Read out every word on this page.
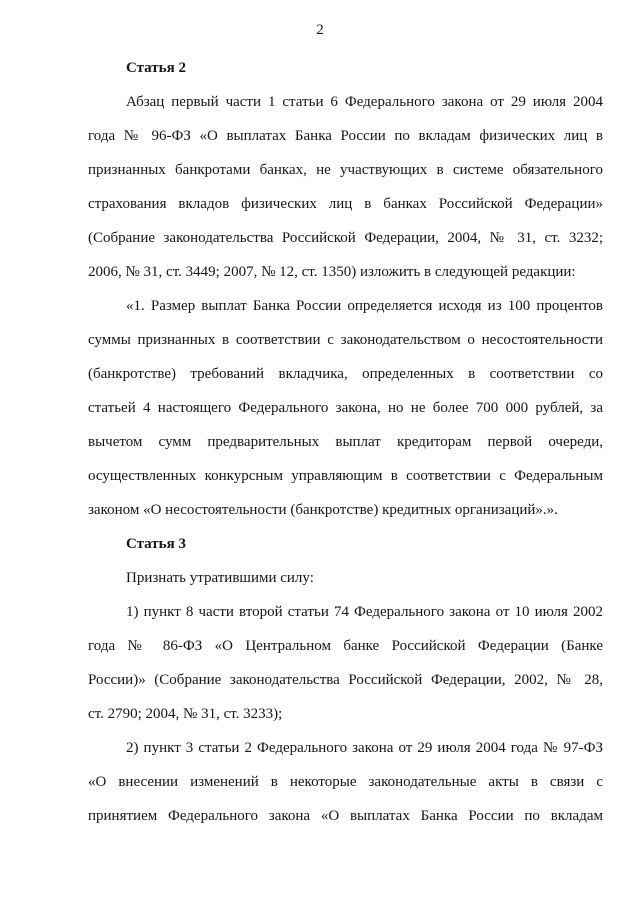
2
Статья 2
Абзац первый части 1 статьи 6 Федерального закона от 29 июля 2004
года № 96-ФЗ «О выплатах Банка России по вкладам физических лиц в
признанных банкротами банках, не участвующих в системе обязательного
страхования вкладов физических лиц в банках Российской Федерации»
(Собрание законодательства Российской Федерации, 2004, № 31, ст. 3232;
2006, № 31, ст. 3449; 2007, № 12, ст. 1350) изложить в следующей редакции:
«1. Размер выплат Банка России определяется исходя из 100 процентов
суммы признанных в соответствии с законодательством о несостоятельности
(банкротстве) требований вкладчика, определенных в соответствии со
статьей 4 настоящего Федерального закона, но не более 700 000 рублей, за
вычетом сумм предварительных выплат кредиторам первой очереди,
осуществленных конкурсным управляющим в соответствии с Федеральным
законом «О несостоятельности (банкротстве) кредитных организаций».».
Статья 3
Признать утратившими силу:
1) пункт 8 части второй статьи 74 Федерального закона от 10 июля 2002
года № 86-ФЗ «О Центральном банке Российской Федерации (Банке
России)» (Собрание законодательства Российской Федерации, 2002, № 28,
ст. 2790; 2004, № 31, ст. 3233);
2) пункт 3 статьи 2 Федерального закона от 29 июля 2004 года № 97-ФЗ
«О внесении изменений в некоторые законодательные акты в связи с
принятием Федерального закона «О выплатах Банка России по вкладам
